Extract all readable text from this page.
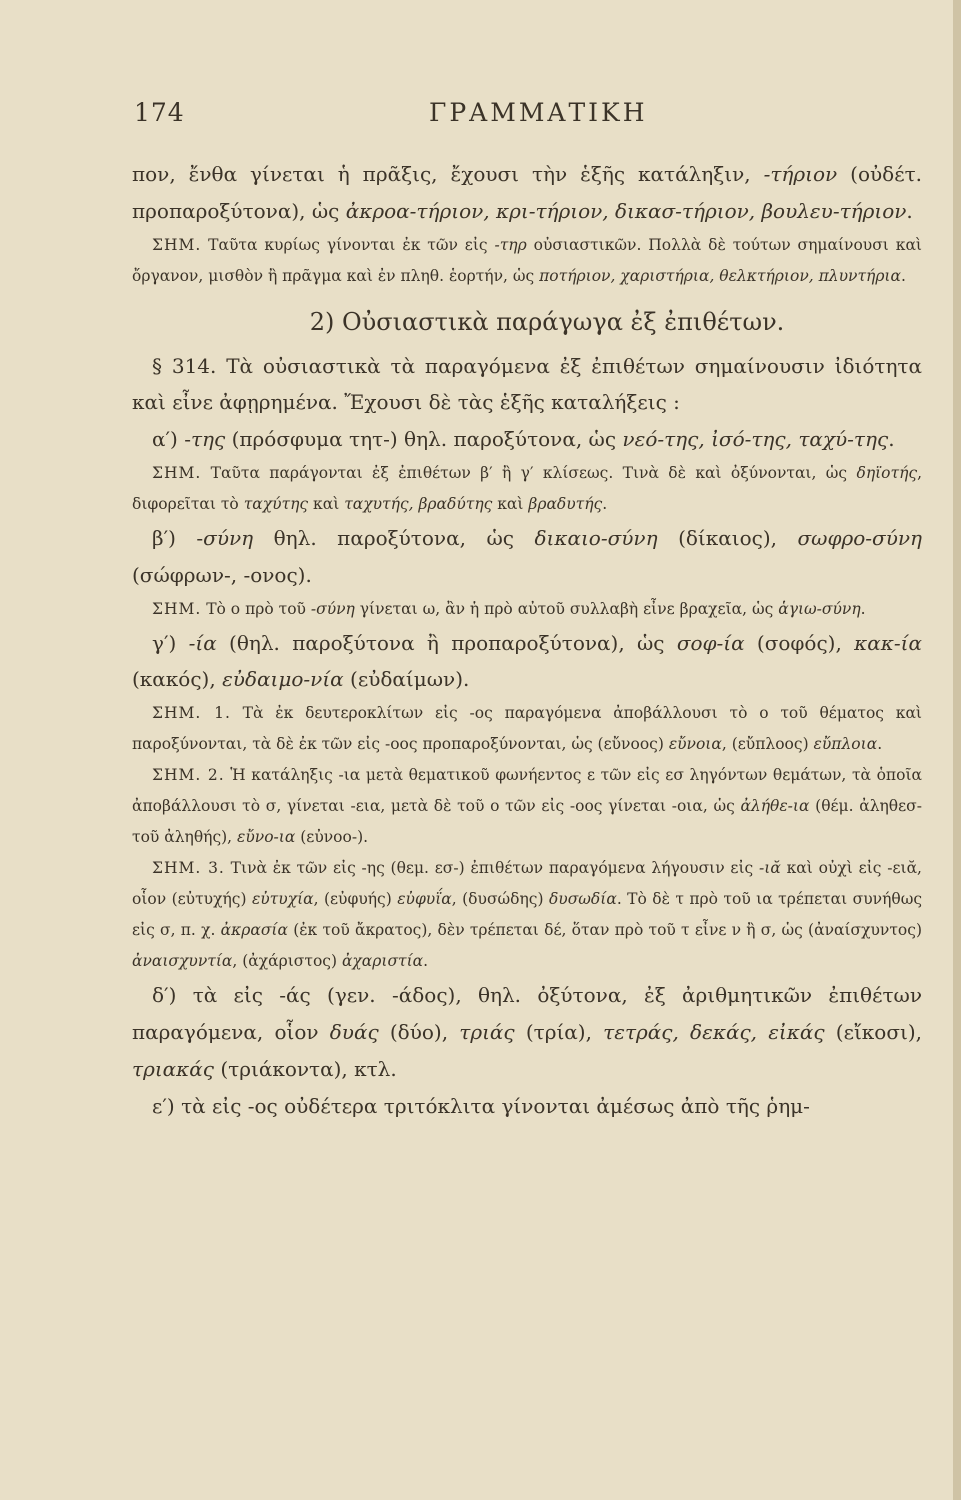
174	ΓΡΑΜΜΑΤΙΚΗ

πον, ἔνθα γίνεται ἡ πρᾶξις, ἔχουσι τὴν ἑξῆς κατάληξιν, -τήριον (οὐδέτ. προπαροξύτονα), ὡς ἀκροα-τήριον, κρι-τήριον, δικασ-τήριον, βουλευ-τήριον.

ΣΗΜ. Ταῦτα κυρίως γίνονται ἐκ τῶν εἰς -τηρ οὐσιαστικῶν. Πολλὰ δὲ τούτων σημαίνουσι καὶ ὄργανον, μισθὸν ἢ πρᾶγμα καὶ ἐν πληθ. ἑορτήν, ὡς ποτήριον, χαριστήρια, θελκτήριον, πλυντήρια.

2) Οὐσιαστικὰ παράγωγα ἐξ ἐπιθέτων.

§ 314. Τὰ οὐσιαστικὰ τὰ παραγόμενα ἐξ ἐπιθέτων σημαίνουσιν ἰδιότητα καὶ εἶνε ἀφῃρημένα. Ἔχουσι δὲ τὰς ἑξῆς καταλήξεις :

α′) -της (πρόσφυμα τητ-) θηλ. παροξύτονα, ὡς νεό-της, ἰσό-της, ταχύ-της.

ΣΗΜ. Ταῦτα παράγονται ἐξ ἐπιθέτων β′ ἢ γ′ κλίσεως. Τινὰ δὲ καὶ ὀξύνονται, ὡς δηϊοτής, διφορεῖται τὸ ταχύτης καὶ ταχυτής, βραδύτης καὶ βραδυτής.

β′) -σύνη θηλ. παροξύτονα, ὡς δικαιο-σύνη (δίκαιος), σωφρο-σύνη (σώφρων-, -ονος).

ΣΗΜ. Τὸ ο πρὸ τοῦ -σύνη γίνεται ω, ἂν ἡ πρὸ αὐτοῦ συλλαβὴ εἶνε βραχεῖα, ὡς ἁγιω-σύνη.

γ′) -ία (θηλ. παροξύτονα ἢ προπαροξύτονα), ὡς σοφ-ία (σοφός), κακ-ία (κακός), εὐδαιμο-νία (εὐδαίμων).

ΣΗΜ. 1. Τὰ ἐκ δευτεροκλίτων εἰς -ος παραγόμενα ἀποβάλλουσι τὸ ο τοῦ θέματος καὶ παροξύνονται, τὰ δὲ ἐκ τῶν εἰς -οος προπαροξύνονται, ὡς (εὔνοος) εὔνοια, (εὔπλοος) εὔπλοια.

ΣΗΜ. 2. Ἡ κατάληξις -ια μετὰ θεματικοῦ φωνήεντος ε τῶν εἰς εσ ληγόντων θεμάτων, τὰ ὁποῖα ἀποβάλλουσι τὸ σ, γίνεται -εια, μετὰ δὲ τοῦ ο τῶν εἰς -οος γίνεται -οια, ὡς ἀλήθε-ια (θέμ. ἀληθεσ- τοῦ ἀληθής), εὔνο-ια (εὐνοο-).

ΣΗΜ. 3. Τινὰ ἐκ τῶν εἰς -ης (θεμ. εσ-) ἐπιθέτων παραγόμενα λήγουσιν εἰς -ιᾰ καὶ οὐχὶ εἰς -ειᾰ, οἷον (εὐτυχής) εὐτυχία, (εὐφυής) εὐφυΐα, (δυσώδης) δυσωδία. Τὸ δὲ τ πρὸ τοῦ ια τρέπεται συνήθως εἰς σ, π. χ. ἀκρασία (ἐκ τοῦ ἄκρατος), δὲν τρέπεται δέ, ὅταν πρὸ τοῦ τ εἶνε ν ἢ σ, ὡς (ἀναίσχυντος) ἀναισχυντία, (ἀχάριστος) ἀχαριστία.

δ′) τὰ εἰς -άς (γεν. -άδος), θηλ. ὀξύτονα, ἐξ ἀριθμητικῶν ἐπιθέτων παραγόμενα, οἷον δυάς (δύο), τριάς (τρία), τετράς, δεκάς, εἰκάς (εἴκοσι), τριακάς (τριάκοντα), κτλ.

ε′) τὰ εἰς -ος οὐδέτερα τριτόκλιτα γίνονται ἀμέσως ἀπὸ τῆς ῥημ-
